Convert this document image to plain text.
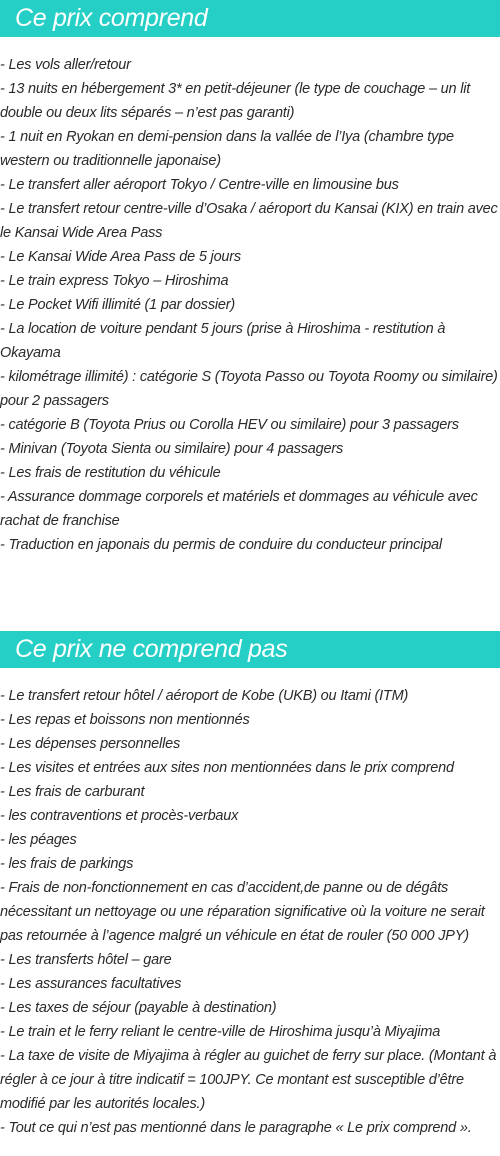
Ce prix comprend
- Les vols aller/retour
- 13 nuits en hébergement 3* en petit-déjeuner (le type de couchage – un lit double ou deux lits séparés – n’est pas garanti)
- 1 nuit en Ryokan en demi-pension dans la vallée de l’Iya (chambre type western ou traditionnelle japonaise)
- Le transfert aller aéroport Tokyo / Centre-ville en limousine bus
- Le transfert retour centre-ville d’Osaka / aéroport du Kansai (KIX) en train avec le Kansai Wide Area Pass
- Le Kansai Wide Area Pass de 5 jours
- Le train express Tokyo – Hiroshima
- Le Pocket Wifi illimité (1 par dossier)
- La location de voiture pendant 5 jours (prise à Hiroshima - restitution à Okayama
- kilométrage illimité) : catégorie S (Toyota Passo ou Toyota Roomy ou similaire) pour 2 passagers
- catégorie B (Toyota Prius ou Corolla HEV ou similaire) pour 3 passagers
- Minivan (Toyota Sienta ou similaire) pour 4 passagers
- Les frais de restitution du véhicule
- Assurance dommage corporels et matériels et dommages au véhicule avec rachat de franchise
- Traduction en japonais du permis de conduire du conducteur principal
Ce prix ne comprend pas
- Le transfert retour hôtel / aéroport de Kobe (UKB) ou Itami (ITM)
- Les repas et boissons non mentionnés
- Les dépenses personnelles
- Les visites et entrées aux sites non mentionnées dans le prix comprend
- Les frais de carburant
- les contraventions et procès-verbaux
- les péages
- les frais de parkings
- Frais de non-fonctionnement en cas d’accident,de panne ou de dégâts nécessitant un nettoyage ou une réparation significative où la voiture ne serait pas retournée à l’agence malgré un véhicule en état de rouler (50 000 JPY)
- Les transferts hôtel – gare
- Les assurances facultatives
- Les taxes de séjour (payable à destination)
- Le train et le ferry reliant le centre-ville de Hiroshima jusqu’à Miyajima
- La taxe de visite de Miyajima à régler au guichet de ferry sur place. (Montant à régler à ce jour à titre indicatif = 100JPY. Ce montant est susceptible d’être modifié par les autorités locales.)
- Tout ce qui n’est pas mentionné dans le paragraphe « Le prix comprend ».
